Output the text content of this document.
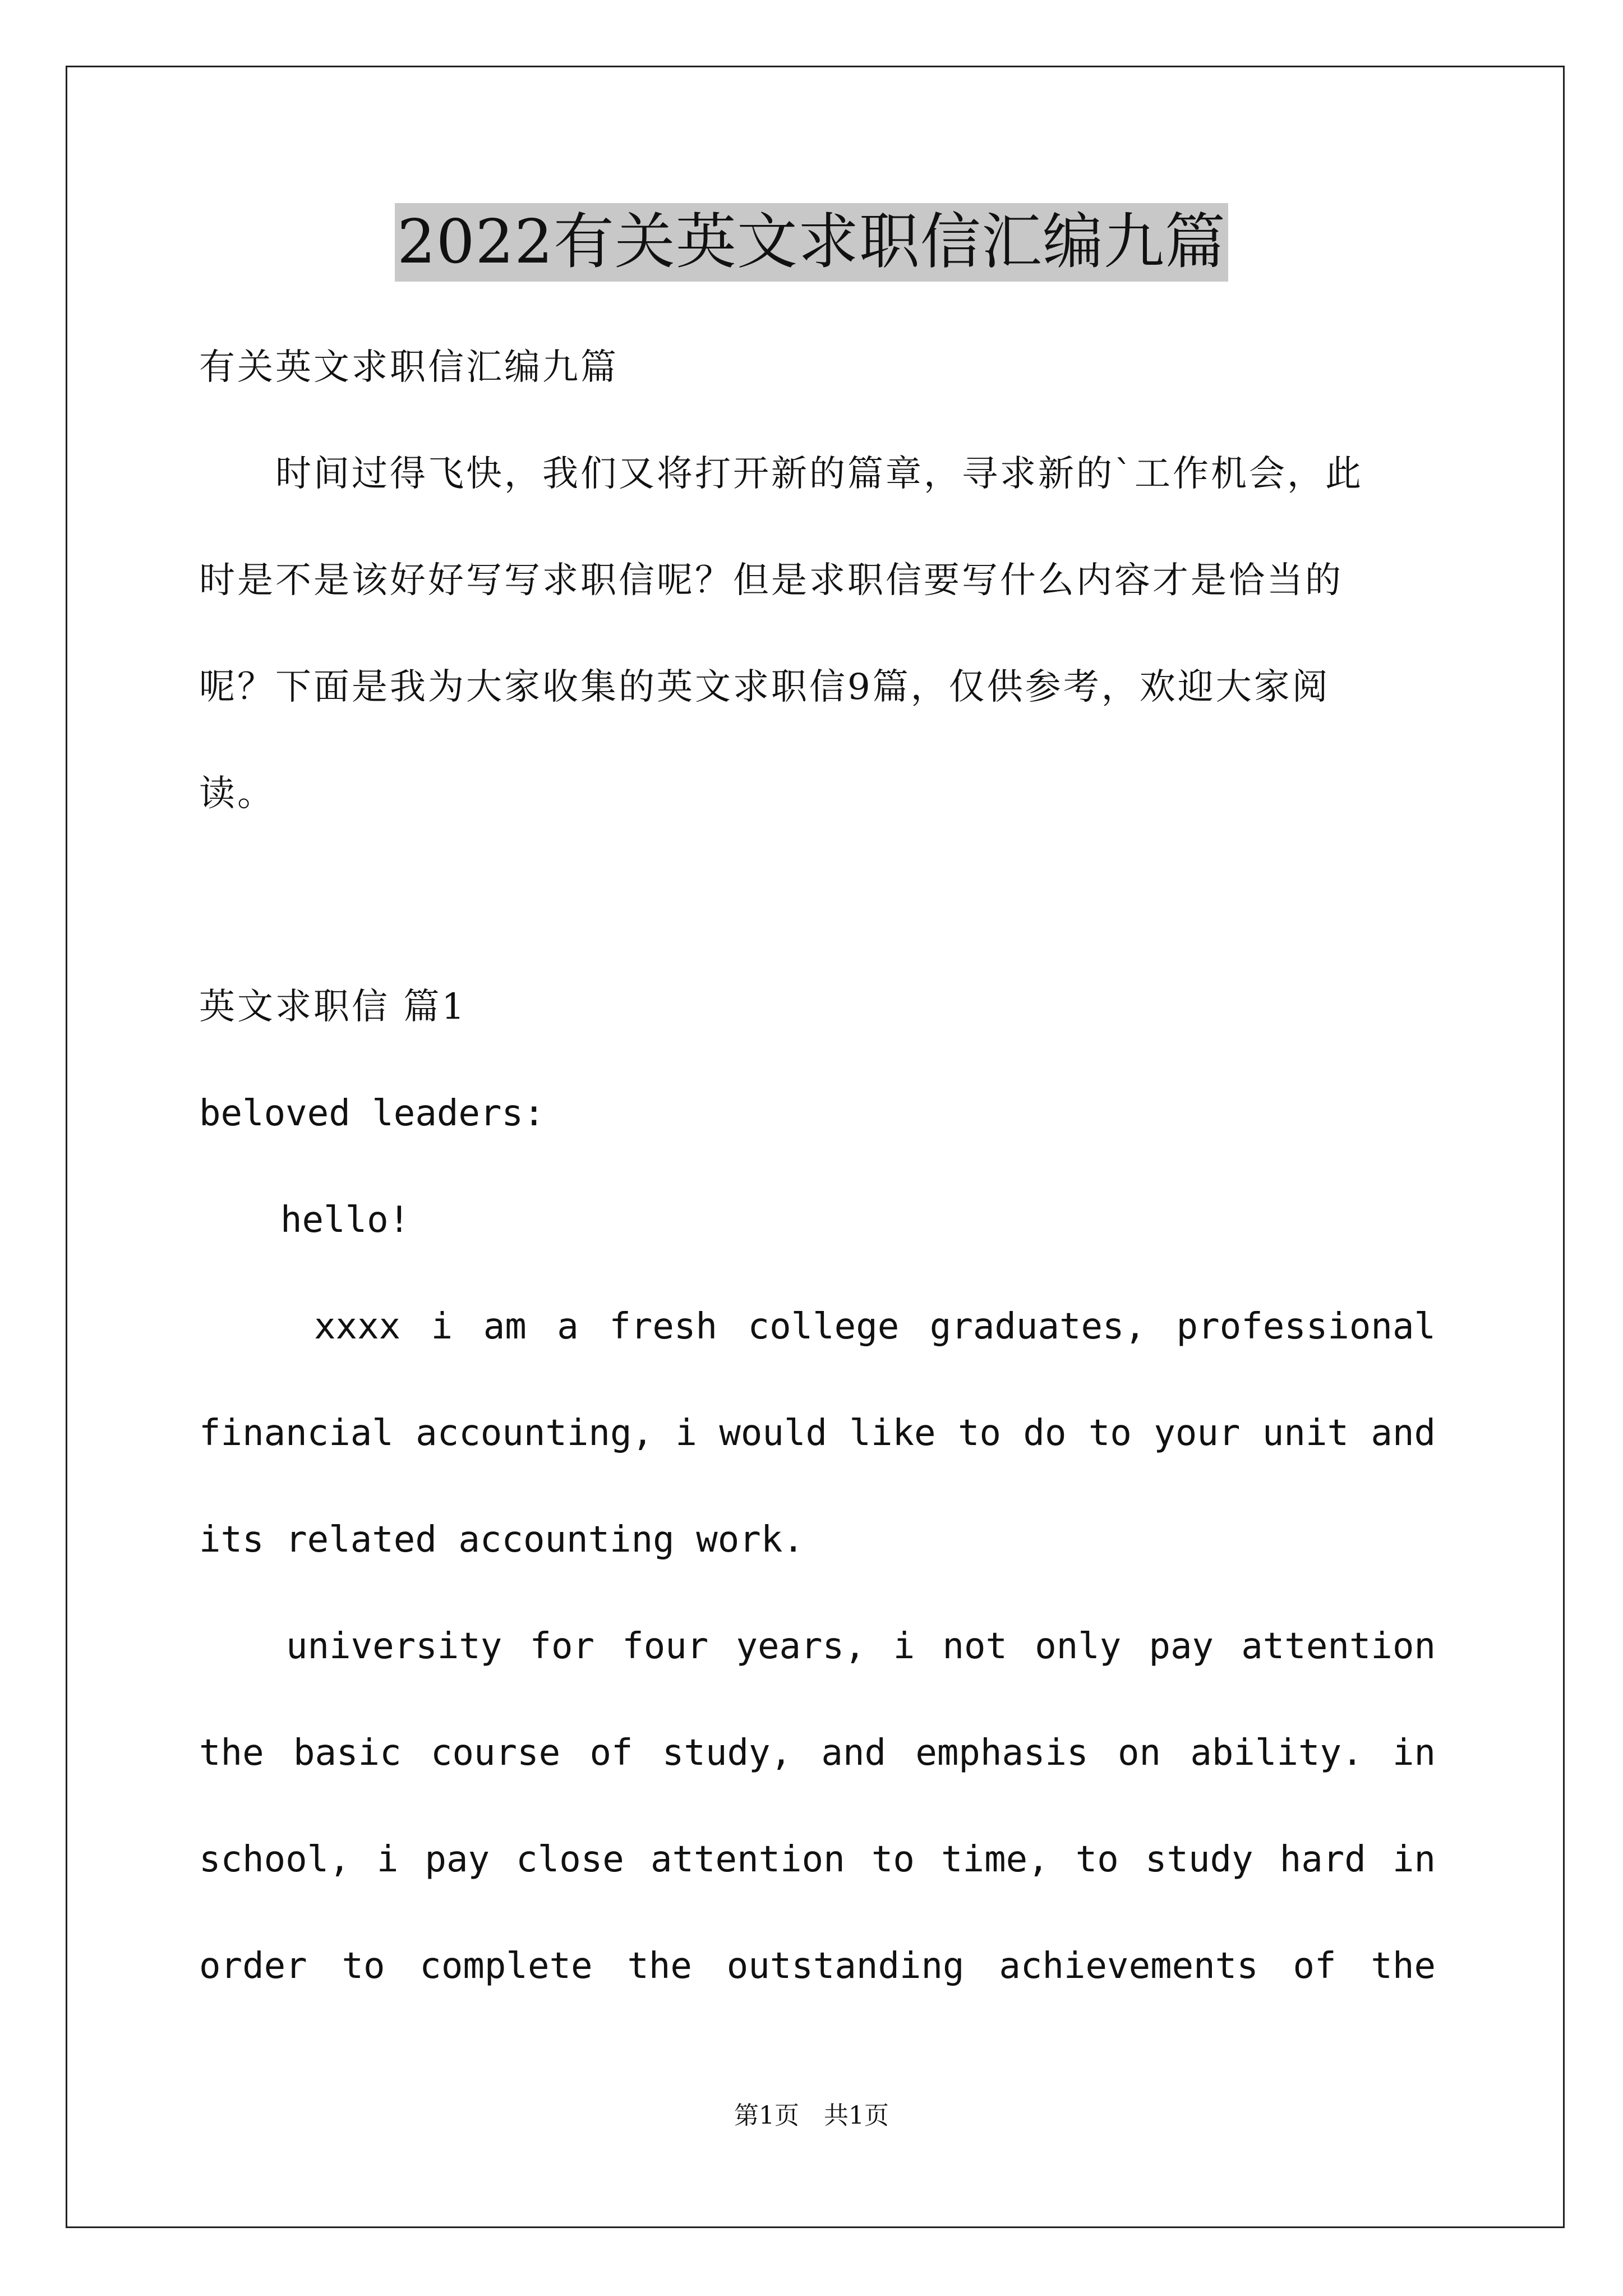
2022有关英文求职信汇编九篇
有关英文求职信汇编九篇
　　时间过得飞快，我们又将打开新的篇章，寻求新的`工作机会，此
时是不是该好好写写求职信呢？但是求职信要写什么内容才是恰当的
呢？下面是我为大家收集的英文求职信9篇，仅供参考，欢迎大家阅
读。
英文求职信 篇1
beloved leaders:
hello!
xxxx i am a fresh college graduates, professional
financial accounting, i would like to do to your unit and
its related accounting work.
university for four years, i not only pay attention
the basic course of study, and emphasis on ability. in
school, i pay close attention to time, to study hard in
order to complete the outstanding achievements of the
第1页　共1页
